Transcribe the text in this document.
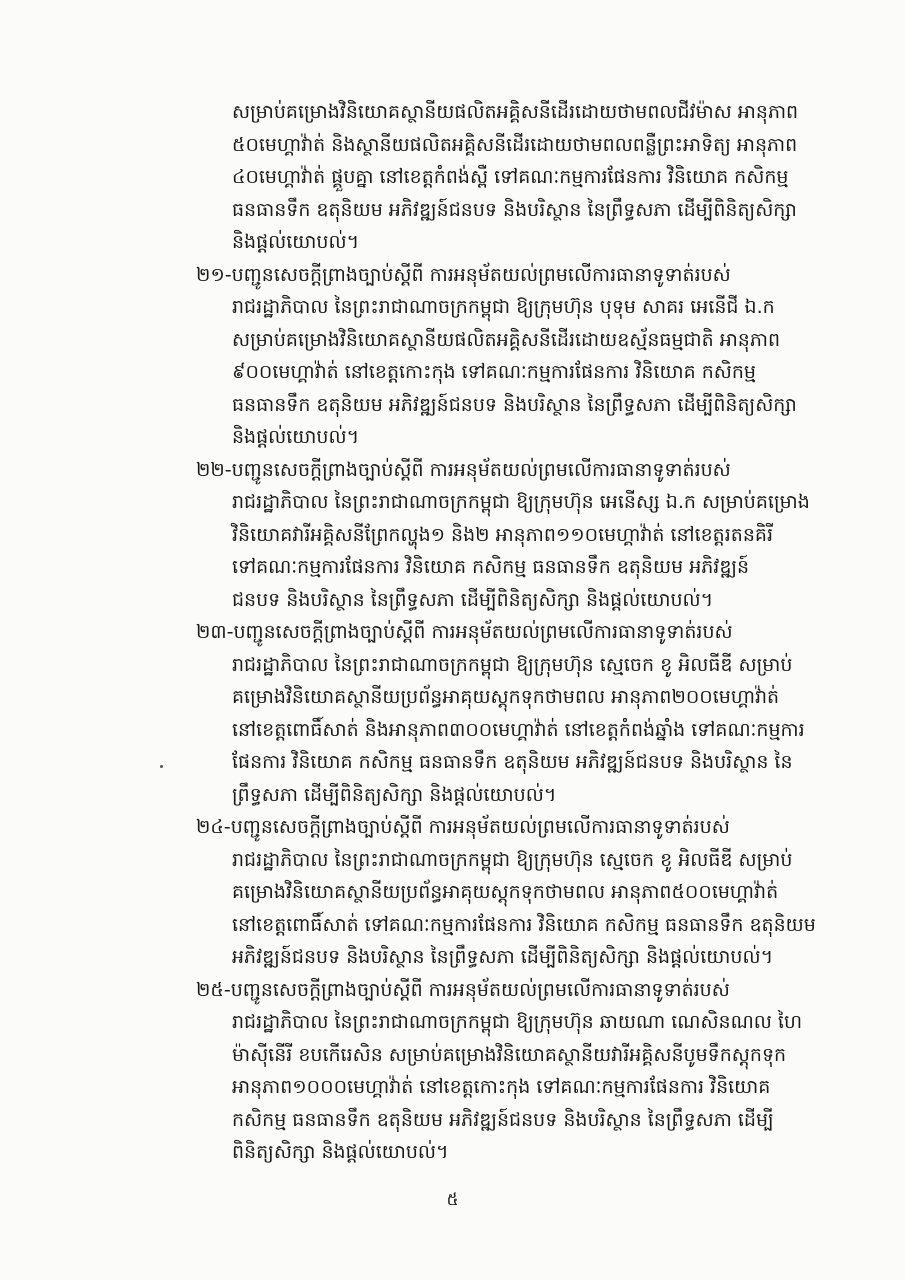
សម្រាប់គម្រោងវិនិយោគស្ថានីយផលិតអគ្គិសនីដើរដោយថាមពលជីវម៉ាស អានុភាព
៥០មេហ្គាវ៉ាត់ និងស្ថានីយផលិតអគ្គិសនីដើរដោយថាមពលពន្លឺព្រះអាទិត្យ អានុភាព
៤០មេហ្គាវ៉ាត់ ផ្គួបគ្នា នៅខេត្តកំពង់ស្ពឺ ទៅគណៈកម្មការផែនការ វិនិយោគ កសិកម្ម
ធនធានទឹក ឧតុនិយម អភិវឌ្ឍន៍ជនបទ និងបរិស្ថាន នៃព្រឹទ្ធសភា ដើម្បីពិនិត្យសិក្សា
និងផ្ដល់យោបល់។
២១-បញ្ជូនសេចក្ដីព្រាងច្បាប់ស្ដីពី ការអនុម័តយល់ព្រមលើការធានាទូទាត់របស់
រាជរដ្ឋាភិបាល នៃព្រះរាជាណាចក្រកម្ពុជា ឱ្យក្រុមហ៊ុន បុទុម សាគរ អេនើជី ឯ.ក
សម្រាប់គម្រោងវិនិយោគស្ថានីយផលិតអគ្គិសនីដើរដោយឧស្ម័នធម្មជាតិ អានុភាព
៩០០មេហ្គាវ៉ាត់ នៅខេត្តកោះកុង ទៅគណៈកម្មការផែនការ វិនិយោគ កសិកម្ម
ធនធានទឹក ឧតុនិយម អភិវឌ្ឍន៍ជនបទ និងបរិស្ថាន នៃព្រឹទ្ធសភា ដើម្បីពិនិត្យសិក្សា
និងផ្ដល់យោបល់។
២២-បញ្ជូនសេចក្ដីព្រាងច្បាប់ស្ដីពី ការអនុម័តយល់ព្រមលើការធានាទូទាត់របស់
រាជរដ្ឋាភិបាល នៃព្រះរាជាណាចក្រកម្ពុជា ឱ្យក្រុមហ៊ុន អេនើស្ស ឯ.ក សម្រាប់គម្រោង
វិនិយោគវារីអគ្គិសនីព្រែកល្ហុង១ និង២ អានុភាព១១០មេហ្គាវ៉ាត់ នៅខេត្តរតនគិរី
ទៅគណៈកម្មការផែនការ វិនិយោគ កសិកម្ម ធនធានទឹក ឧតុនិយម អភិវឌ្ឍន៍
ជនបទ និងបរិស្ថាន នៃព្រឹទ្ធសភា ដើម្បីពិនិត្យសិក្សា និងផ្ដល់យោបល់។
២៣-បញ្ជូនសេចក្ដីព្រាងច្បាប់ស្ដីពី ការអនុម័តយល់ព្រមលើការធានាទូទាត់របស់
រាជរដ្ឋាភិបាល នៃព្រះរាជាណាចក្រកម្ពុជា ឱ្យក្រុមហ៊ុន ស្មេចេក ខូ អិលធីឌី សម្រាប់
គម្រោងវិនិយោគស្ថានីយប្រព័ន្ធអាគុយស្តុកទុកថាមពល អានុភាព២០០មេហ្គាវ៉ាត់
នៅខេត្តពោធិ៍សាត់ និងអានុភាព៣០០មេហ្គាវ៉ាត់ នៅខេត្តកំពង់ឆ្នាំង ទៅគណៈកម្មការ
ផែនការ វិនិយោគ កសិកម្ម ធនធានទឹក ឧតុនិយម អភិវឌ្ឍន៍ជនបទ និងបរិស្ថាន នៃ
ព្រឹទ្ធសភា ដើម្បីពិនិត្យសិក្សា និងផ្ដល់យោបល់។
២៤-បញ្ជូនសេចក្ដីព្រាងច្បាប់ស្ដីពី ការអនុម័តយល់ព្រមលើការធានាទូទាត់របស់
រាជរដ្ឋាភិបាល នៃព្រះរាជាណាចក្រកម្ពុជា ឱ្យក្រុមហ៊ុន ស្មេចេក ខូ អិលធីឌី សម្រាប់
គម្រោងវិនិយោគស្ថានីយប្រព័ន្ធអាគុយស្តុកទុកថាមពល អានុភាព៥០០មេហ្គាវ៉ាត់
នៅខេត្តពោធិ៍សាត់ ទៅគណៈកម្មការផែនការ វិនិយោគ កសិកម្ម ធនធានទឹក ឧតុនិយម
អភិវឌ្ឍន៍ជនបទ និងបរិស្ថាន នៃព្រឹទ្ធសភា ដើម្បីពិនិត្យសិក្សា និងផ្ដល់យោបល់។
២៥-បញ្ជូនសេចក្ដីព្រាងច្បាប់ស្ដីពី ការអនុម័តយល់ព្រមលើការធានាទូទាត់របស់
រាជរដ្ឋាភិបាល នៃព្រះរាជាណាចក្រកម្ពុជា ឱ្យក្រុមហ៊ុន ឆាយណា ណេសិនណល ហៃ
ម៉ាស៊ីនើរី ខបកើរេសិន សម្រាប់គម្រោងវិនិយោគស្ថានីយវារីអគ្គិសនីបូមទឹកស្តុកទុក
អានុភាព១០០០មេហ្គាវ៉ាត់ នៅខេត្តកោះកុង ទៅគណៈកម្មការផែនការ វិនិយោគ
កសិកម្ម ធនធានទឹក ឧតុនិយម អភិវឌ្ឍន៍ជនបទ និងបរិស្ថាន នៃព្រឹទ្ធសភា ដើម្បី
ពិនិត្យសិក្សា និងផ្ដល់យោបល់។
៥
